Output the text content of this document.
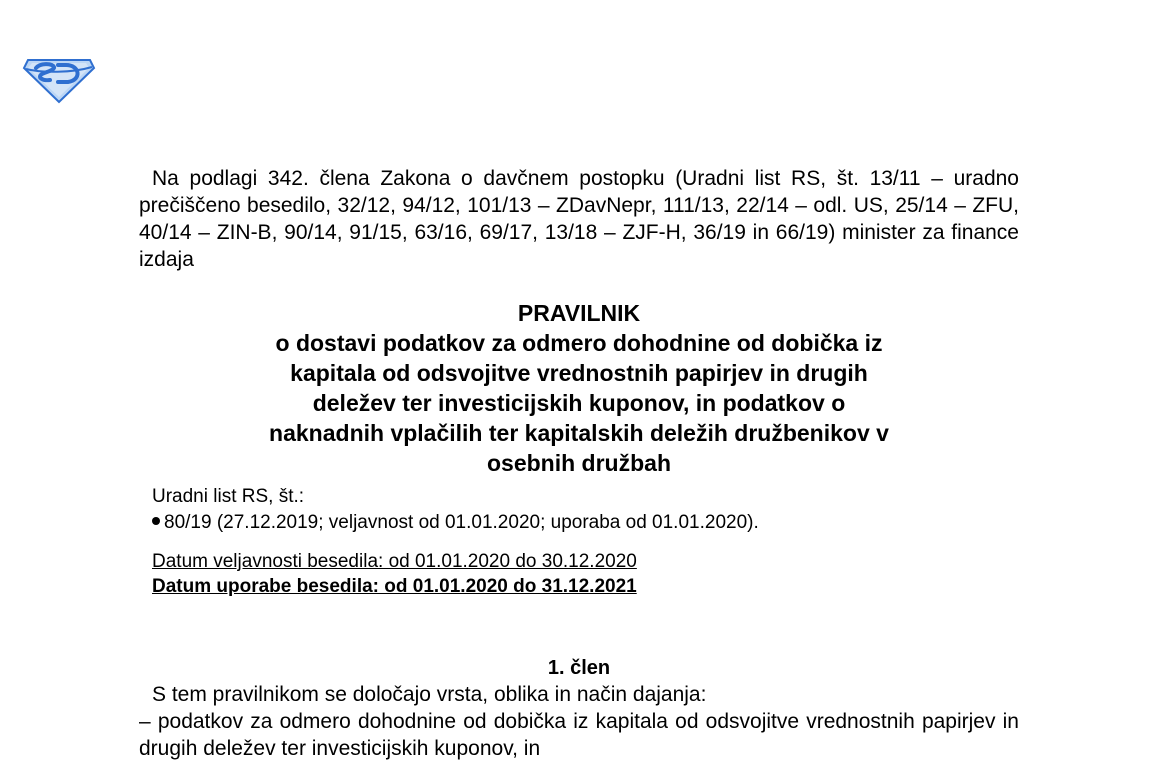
Na podlagi 342. člena Zakona o davčnem postopku (Uradni list RS, št. 13/11 – uradno prečiščeno besedilo, 32/12, 94/12, 101/13 – ZDavNepr, 111/13, 22/14 – odl. US, 25/14 – ZFU, 40/14 – ZIN-B, 90/14, 91/15, 63/16, 69/17, 13/18 – ZJF-H, 36/19 in 66/19) minister za finance izdaja

PRAVILNIK
o dostavi podatkov za odmero dohodnine od dobička iz kapitala od odsvojitve vrednostnih papirjev in drugih deležev ter investicijskih kuponov, in podatkov o naknadnih vplačilih ter kapitalskih deležih družbenikov v osebnih družbah
Uradni list RS, št.:
80/19 (27.12.2019; veljavnost od 01.01.2020; uporaba od 01.01.2020).
Datum veljavnosti besedila: od 01.01.2020 do 30.12.2020
Datum uporabe besedila: od 01.01.2020 do 31.12.2021
1. člen
S tem pravilnikom se določajo vrsta, oblika in način dajanja:
– podatkov za odmero dohodnine od dobička iz kapitala od odsvojitve vrednostnih papirjev in drugih deležev ter investicijskih kuponov, in
